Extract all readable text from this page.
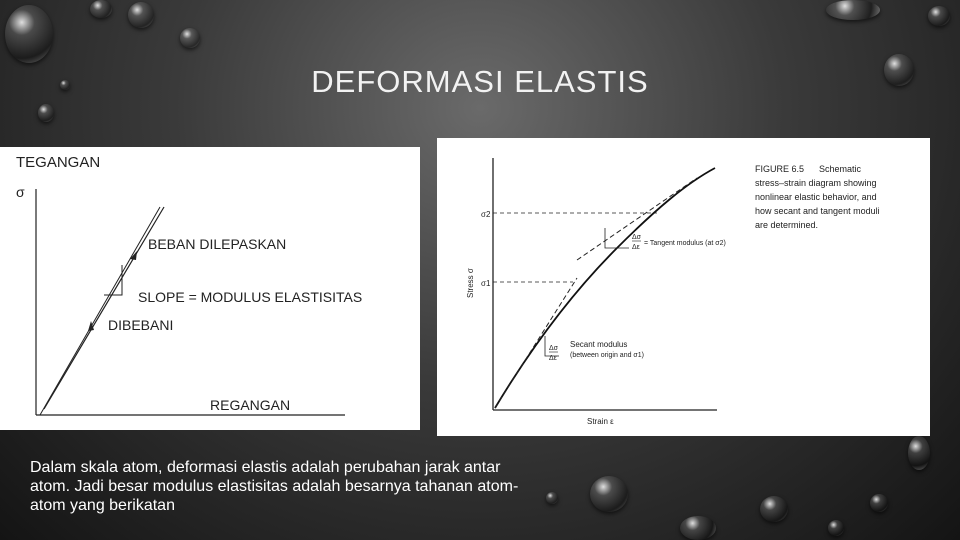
DEFORMASI ELASTIS
TEGANGAN
σ
BEBAN DILEPASKAN
SLOPE = MODULUS ELASTISITAS
DIBEBANI
REGANGAN
Stress σ
Strain ε
σ2
σ1
Δσ
Δε
= Tangent modulus (at σ2)
Δσ
Δε
Secant modulus
(between origin and σ1)
FIGURE 6.5 Schematic
stress–strain diagram showing
nonlinear elastic behavior, and
how secant and tangent moduli
are determined.
Dalam skala atom, deformasi elastis adalah perubahan jarak antar atom. Jadi besar modulus elastisitas adalah besarnya tahanan atom-atom yang berikatan
